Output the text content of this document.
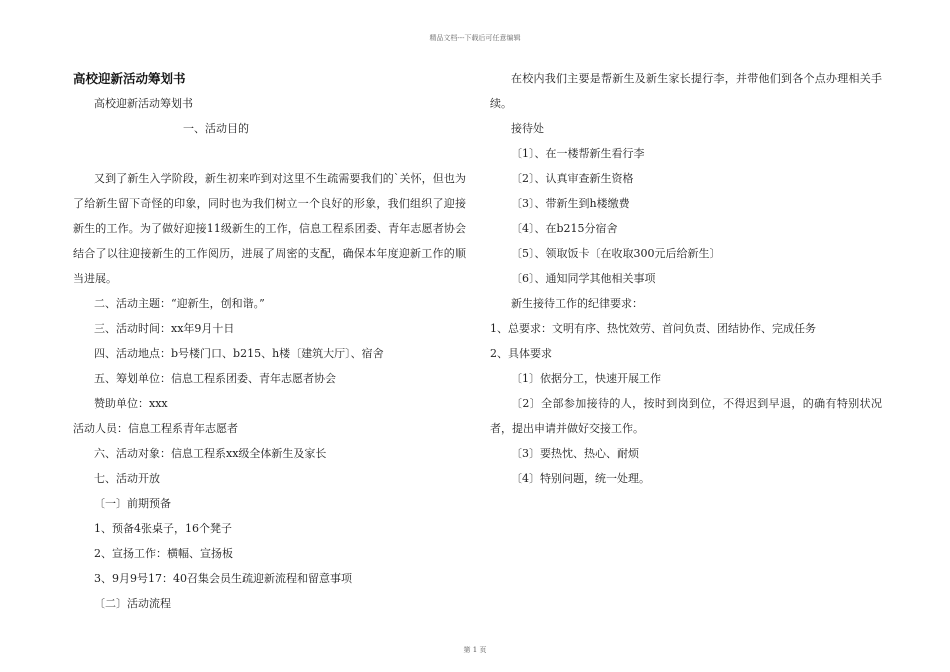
精品文档---下载后可任意编辑
高校迎新活动筹划书
高校迎新活动筹划书
一、活动目的
又到了新生入学阶段，新生初来咋到对这里不生疏需要我们的`关怀，但也为了给新生留下奇怪的印象，同时也为我们树立一个良好的形象，我们组织了迎接新生的工作。为了做好迎接11级新生的工作，信息工程系团委、青年志愿者协会结合了以往迎接新生的工作阅历，进展了周密的支配，确保本年度迎新工作的顺当进展。
二、活动主题：“迎新生，创和谐。”
三、活动时间：xx年9月十日
四、活动地点：b号楼门口、b215、h楼〔建筑大厅〕、宿舍
五、筹划单位：信息工程系团委、青年志愿者协会
赞助单位：xxx
活动人员：信息工程系青年志愿者
六、活动对象：信息工程系xx级全体新生及家长
七、活动开放
〔一〕前期预备
1、预备4张桌子，16个凳子
2、宣扬工作：横幅、宣扬板
3、9月9号17：40召集会员生疏迎新流程和留意事项
〔二〕活动流程
在校内我们主要是帮新生及新生家长提行李，并带他们到各个点办理相关手续。
接待处
〔1〕、在一楼帮新生看行李
〔2〕、认真审查新生资格
〔3〕、带新生到h楼缴费
〔4〕、在b215分宿舍
〔5〕、领取饭卡〔在收取300元后给新生〕
〔6〕、通知同学其他相关事项
新生接待工作的纪律要求：
1、总要求：文明有序、热忱效劳、首问负责、团结协作、完成任务
2、具体要求
〔1〕依据分工，快速开展工作
〔2〕全部参加接待的人，按时到岗到位，不得迟到早退，的确有特别状况者，提出申请并做好交接工作。
〔3〕要热忱、热心、耐烦
〔4〕特别问题，统一处理。
第 1 页
